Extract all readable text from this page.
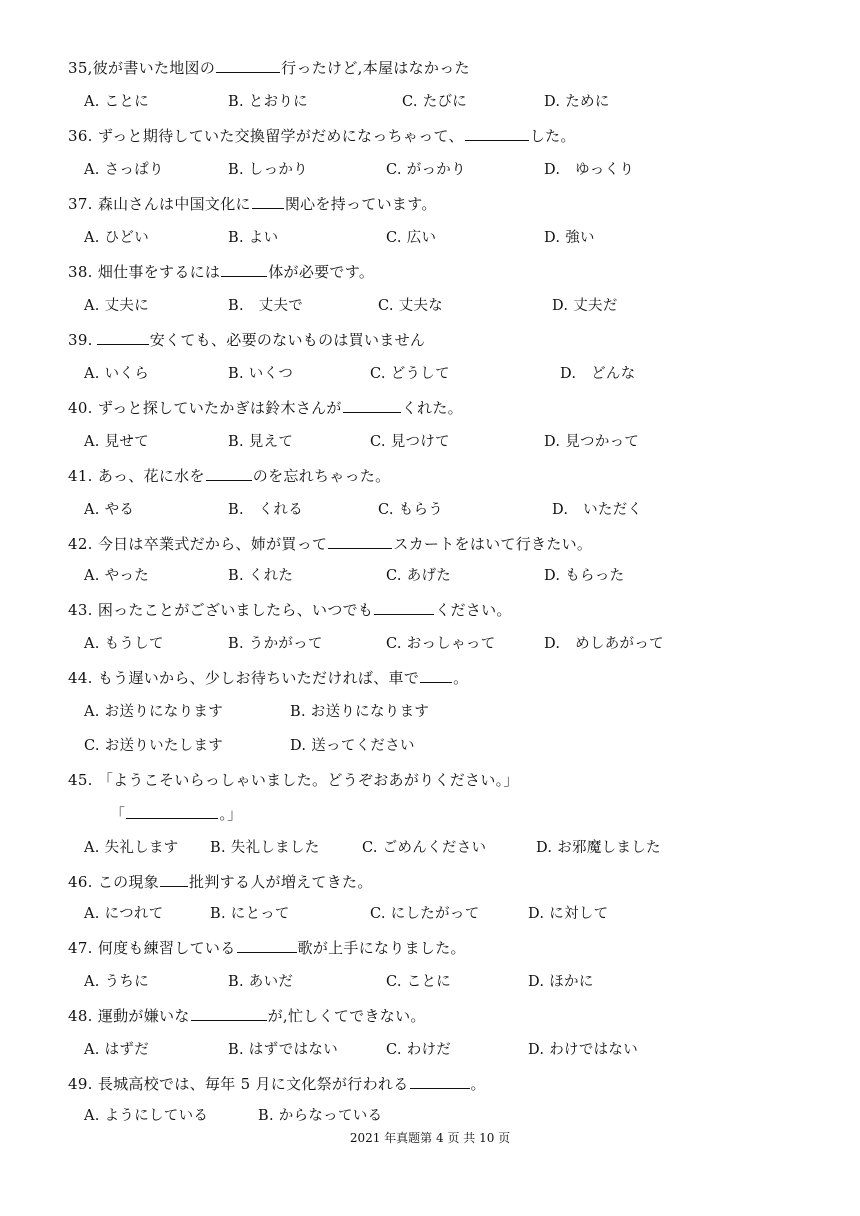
35,彼が書いた地図の	行ったけど,本屋はなかった
A. ことに	B. とおりに	C. たびに	D. ために
36. ずっと期待していた交換留学がだめになっちゃって、	した。
A. さっぱり	B. しっかり	C. がっかり	D.　ゆっくり
37. 森山さんは中国文化に 関心を持っています。
A. ひどい	B. よい	C. 広い	D. 強い
38. 畑仕事をするには	体が必要です。
A. 丈夫に	B.　丈夫で	C. 丈夫な	D. 丈夫だ
39.	安くても、必要のないものは買いません
A. いくら	B. いくつ	C. どうして	D.　どんな
40. ずっと探していたかぎは鈴木さんが	くれた。
A. 見せて	B. 見えて	C. 見つけて	D. 見つかって
41. あっ、花に水を	のを忘れちゃった。
A. やる	B.　くれる	C. もらう	D.　いただく
42. 今日は卒業式だから、姉が買って	スカートをはいて行きたい。
A. やった	B. くれた	C. あげた	D. もらった
43. 困ったことがございましたら、いつでも	ください。
A. もうして	B. うかがって	C. おっしゃって	D.　めしあがって
44. もう遅いから、少しお待ちいただければ、車で 。
A. お送りになります	B. お送りになります
C. お送りいたします	D. 送ってください
45. 「ようこそいらっしゃいました。どうぞおあがりください。」
「	。」
A. 失礼します B. 失礼しました	C. ごめんください	D. お邪魔しました
46. この現象 批判する人が増えてきた。
A. につれて	B. にとって	C. にしたがって	D. に対して
47. 何度も練習している	歌が上手になりました。
A. うちに	B. あいだ	C. ことに	D. ほかに
48. 運動が嫌いな	が,忙しくてできない。
A. はずだ	B. はずではない	C. わけだ	D. わけではない
49. 長城高校では、毎年 5 月に文化祭が行われる	。
A. ようにしている	B. からなっている
2021 年真题第 4 页 共 10 页
